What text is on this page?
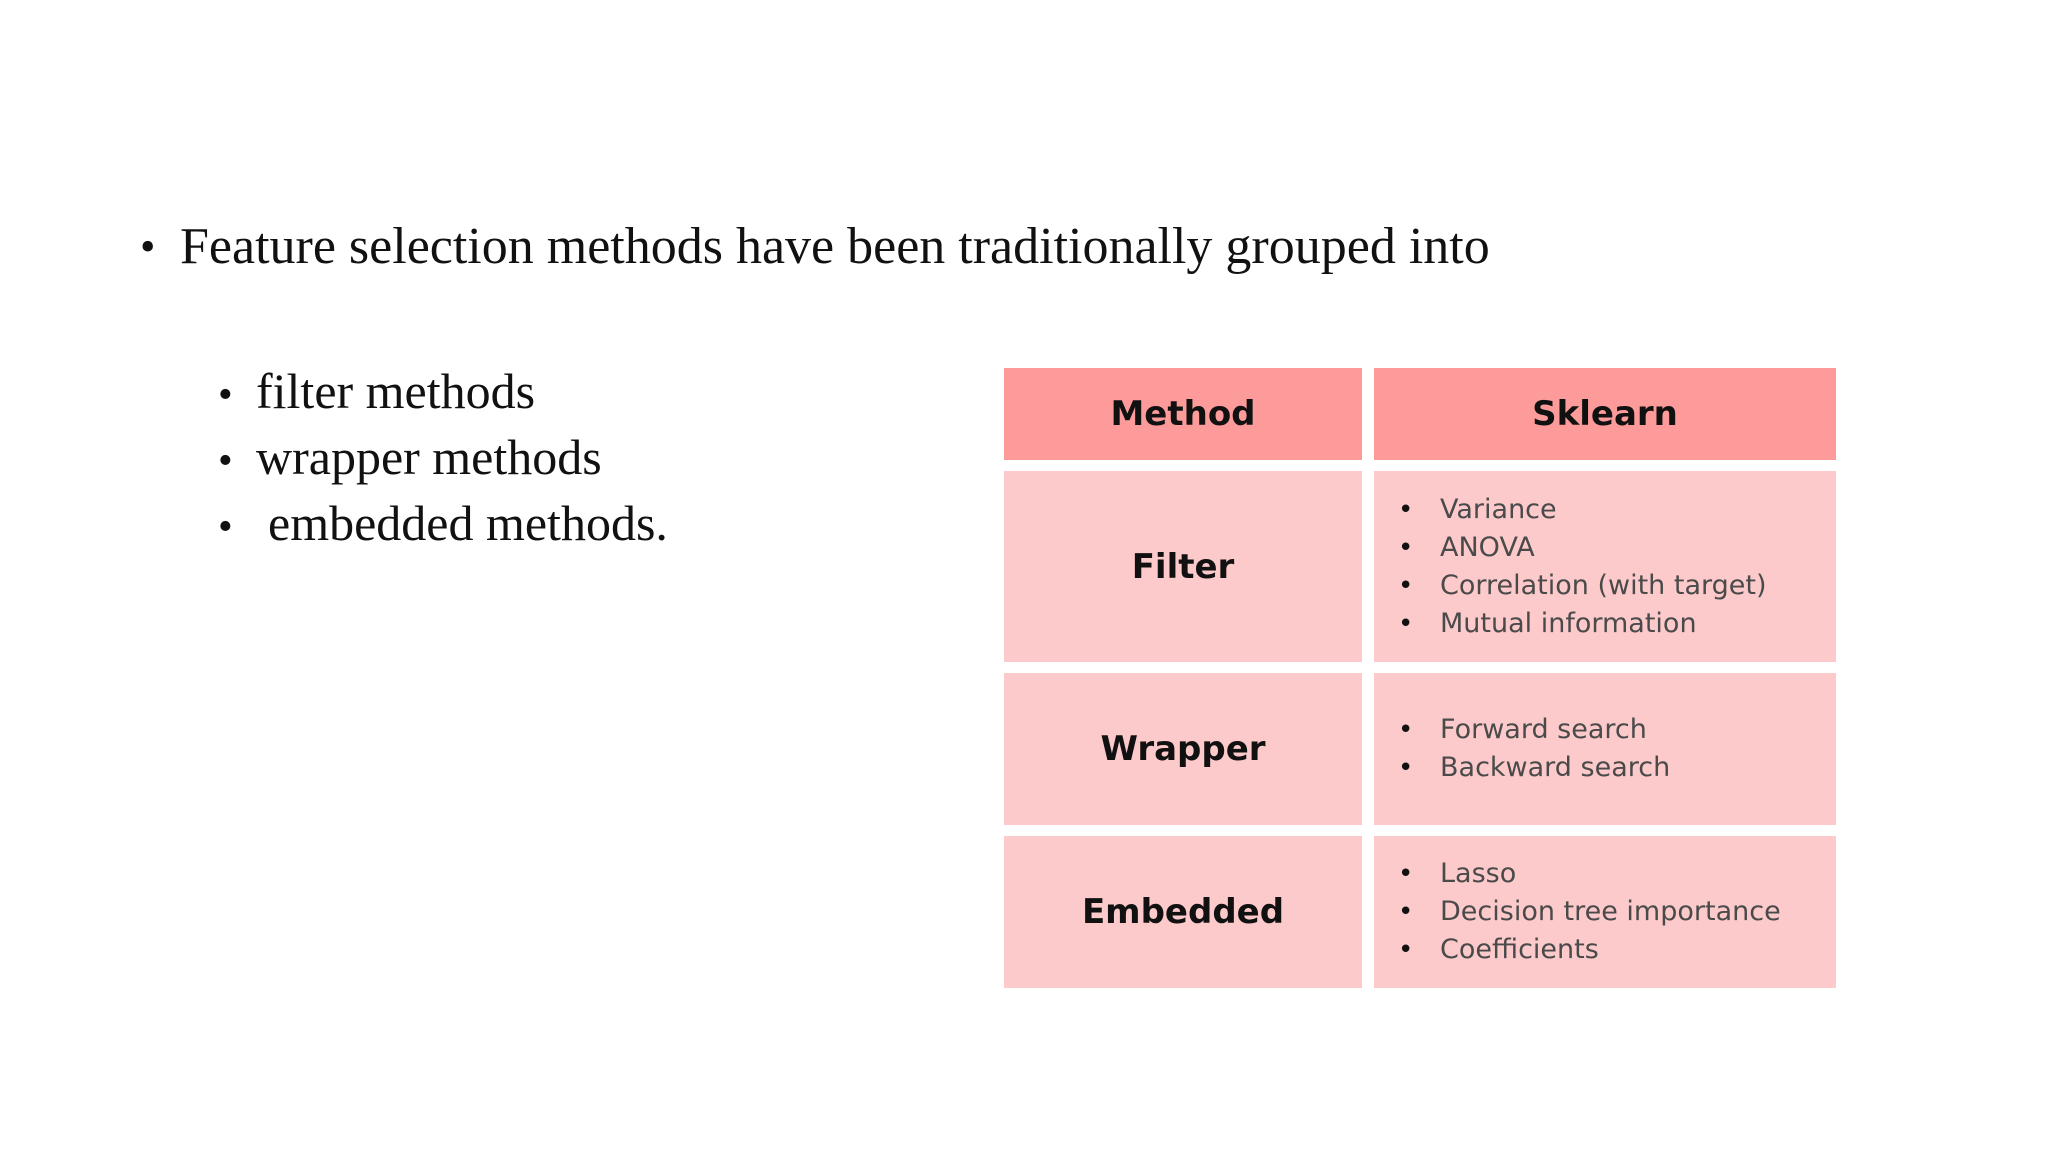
• Feature selection methods have been traditionally grouped into
• filter methods
• wrapper methods
• embedded methods.
Method	Sklearn
Filter
• Variance
• ANOVA
• Correlation (with target)
• Mutual information
Wrapper	• Forward search
• Backward search
Embedded
• Lasso
• Decision tree importance
• Coefficients
